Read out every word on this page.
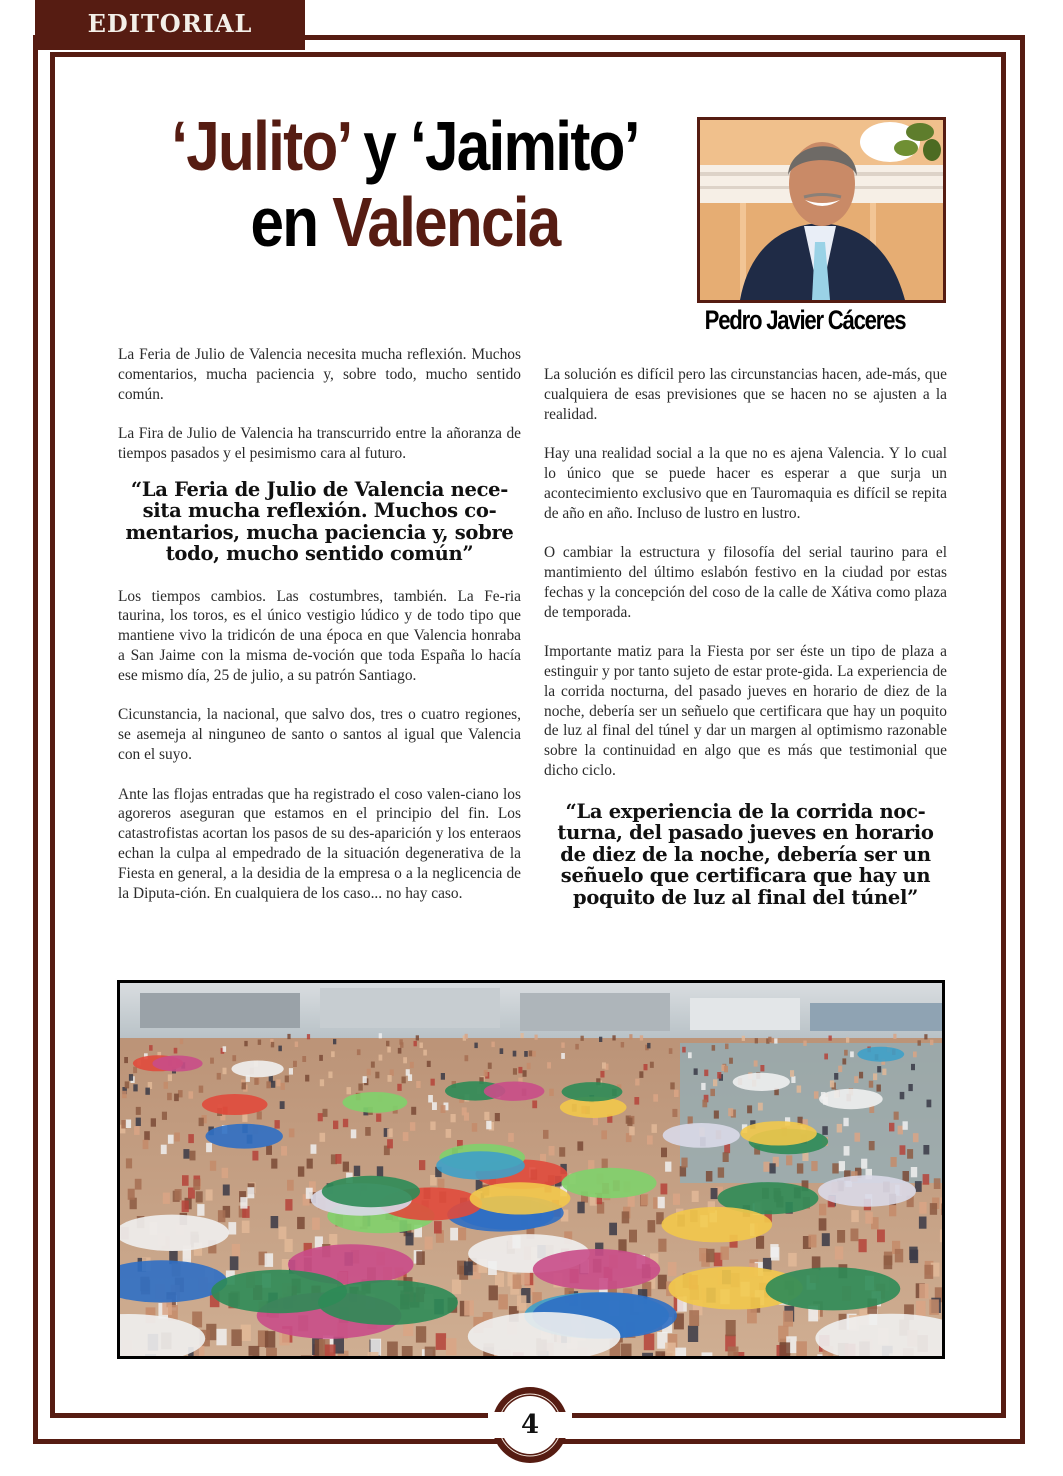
EDITORIAL
‘Julito’ y ‘Jaimito’
en Valencia
Pedro Javier Cáceres

La Feria de Julio de Valencia necesita mucha reflexión. Muchos comentarios, mucha paciencia y, sobre todo, mucho sentido común.

La Fira de Julio de Valencia ha transcurrido entre la añoranza de tiempos pasados y el pesimismo cara al futuro.

“La Feria de Julio de Valencia nece-sita mucha reflexión. Muchos co-mentarios, mucha paciencia y, sobre todo, mucho sentido común”

Los tiempos cambios. Las costumbres, también. La Fe-ria taurina, los toros, es el único vestigio lúdico y de todo tipo que mantiene vivo la tridicón de una época en que Valencia honraba a San Jaime con la misma de-voción que toda España lo hacía ese mismo día, 25 de julio, a su patrón Santiago.

Cicunstancia, la nacional, que salvo dos, tres o cuatro regiones, se asemeja al ninguneo de santo o santos al igual que Valencia con el suyo.

Ante las flojas entradas que ha registrado el coso valen-ciano los agoreros aseguran que estamos en el principio del fin. Los catastrofistas acortan los pasos de su des-aparición y los enteraos echan la culpa al empedrado de la situación degenerativa de la Fiesta en general, a la desidia de la empresa o a la neglicencia de la Diputa-ción. En cualquiera de los caso... no hay caso.

La solución es difícil pero las circunstancias hacen, ade-más, que cualquiera de esas previsiones que se hacen no se ajusten a la realidad.

Hay una realidad social a la que no es ajena Valencia. Y lo cual lo único que se puede hacer es esperar a que surja un acontecimiento exclusivo que en Tauromaquia es difícil se repita de año en año. Incluso de lustro en lustro.

O cambiar la estructura y filosofía del serial taurino para el mantimiento del último eslabón festivo en la ciudad por estas fechas y la concepción del coso de la calle de Xátiva como plaza de temporada.

Importante matiz para la Fiesta por ser éste un tipo de plaza a estinguir y por tanto sujeto de estar prote-gida. La experiencia de la corrida nocturna, del pasado jueves en horario de diez de la noche, debería ser un señuelo que certificara que hay un poquito de luz al final del túnel y dar un margen al optimismo razonable sobre la continuidad en algo que es más que testimonial que dicho ciclo.

“La experiencia de la corrida noc-turna, del pasado jueves en horario de diez de la noche, debería ser un señuelo que certificara que hay un poquito de luz al final del túnel”
4
